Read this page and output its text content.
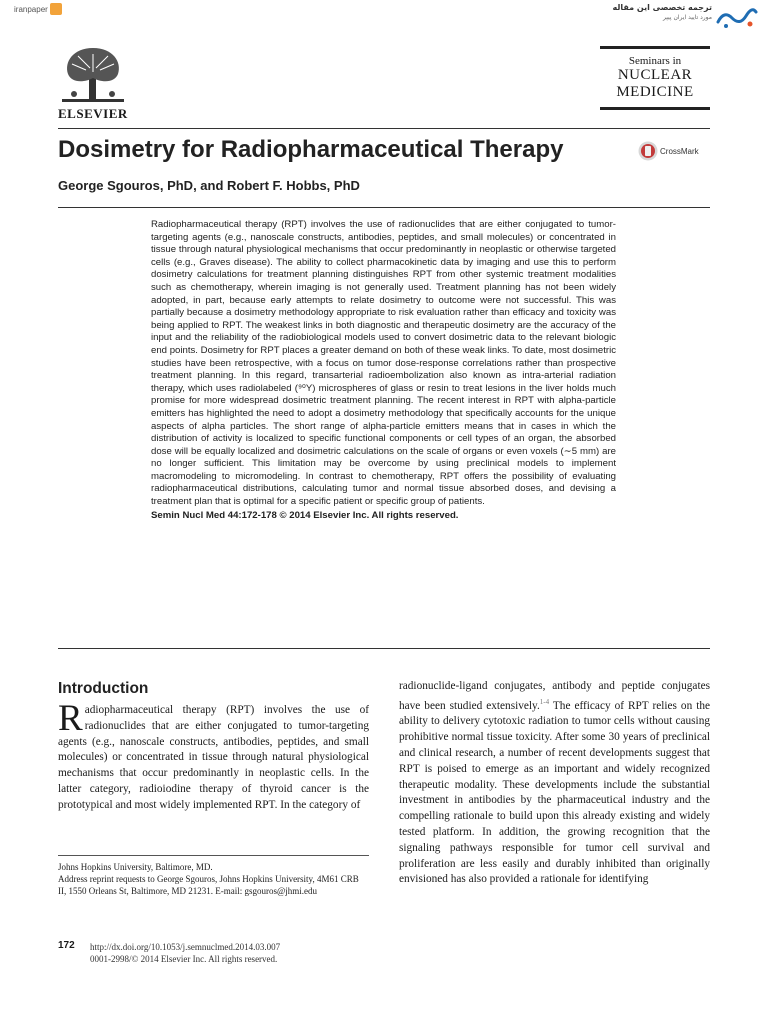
iranpaper	ترجمه تخصصی این مقاله
مورد تایید ایران پیپر
ELSEVIER
Seminars in
NUCLEAR
MEDICINE
Dosimetry for Radiopharmaceutical Therapy	CrossMark
George Sgouros, PhD, and Robert F. Hobbs, PhD
Radiopharmaceutical therapy (RPT) involves the use of radionuclides that are either conjugated to tumor-targeting agents (e.g., nanoscale constructs, antibodies, peptides, and small molecules) or concentrated in tissue through natural physiological mechanisms that occur predominantly in neoplastic or otherwise targeted cells (e.g., Graves disease). The ability to collect pharmacokinetic data by imaging and use this to perform dosimetry calculations for treatment planning distinguishes RPT from other systemic treatment modalities such as chemotherapy, wherein imaging is not generally used. Treatment planning has not been widely adopted, in part, because early attempts to relate dosimetry to outcome were not successful. This was partially because a dosimetry methodology appropriate to risk evaluation rather than efficacy and toxicity was being applied to RPT. The weakest links in both diagnostic and therapeutic dosimetry are the accuracy of the input and the reliability of the radiobiological models used to convert dosimetric data to the relevant biologic end points. Dosimetry for RPT places a greater demand on both of these weak links. To date, most dosimetric studies have been retrospective, with a focus on tumor dose-response correlations rather than prospective treatment planning. In this regard, transarterial radioembolization also known as intra-arterial radiation therapy, which uses radiolabeled (⁹⁰Y) microspheres of glass or resin to treat lesions in the liver holds much promise for more widespread dosimetric treatment planning. The recent interest in RPT with alpha-particle emitters has highlighted the need to adopt a dosimetry methodology that specifically accounts for the unique aspects of alpha particles. The short range of alpha-particle emitters means that in cases in which the distribution of activity is localized to specific functional components or cell types of an organ, the absorbed dose will be equally localized and dosimetric calculations on the scale of organs or even voxels (∼5 mm) are no longer sufficient. This limitation may be overcome by using preclinical models to implement macromodeling to micromodeling. In contrast to chemotherapy, RPT offers the possibility of evaluating radiopharmaceutical distributions, calculating tumor and normal tissue absorbed doses, and devising a treatment plan that is optimal for a specific patient or specific group of patients.
Semin Nucl Med 44:172-178 © 2014 Elsevier Inc. All rights reserved.
Introduction

Radiopharmaceutical therapy (RPT) involves the use of radionuclides that are either conjugated to tumor-targeting agents (e.g., nanoscale constructs, antibodies, peptides, and small molecules) or concentrated in tissue through natural physiological mechanisms that occur predominantly in neoplastic cells. In the latter category, radioiodine therapy of thyroid cancer is the prototypical and most widely implemented RPT. In the category of

radionuclide-ligand conjugates, antibody and peptide conjugates have been studied extensively.$^{1-4}$ The efficacy of RPT relies on the ability to delivery cytotoxic radiation to tumor cells without causing prohibitive normal tissue toxicity. After some 30 years of preclinical and clinical research, a number of recent developments suggest that RPT is poised to emerge as an important and widely recognized therapeutic modality. These developments include the substantial investment in antibodies by the pharmaceutical industry and the compelling rationale to build upon this already existing and widely tested platform. In addition, the growing recognition that the signaling pathways responsible for tumor cell survival and proliferation are less easily and durably inhibited than originally envisioned has also provided a rationale for identifying

Johns Hopkins University, Baltimore, MD.
Address reprint requests to George Sgouros, Johns Hopkins University, 4M61 CRB II, 1550 Orleans St, Baltimore, MD 21231. E-mail: gsgouros@jhmi.edu
172 http://dx.doi.org/10.1053/j.semnuclmed.2014.03.007
0001-2998/© 2014 Elsevier Inc. All rights reserved.
